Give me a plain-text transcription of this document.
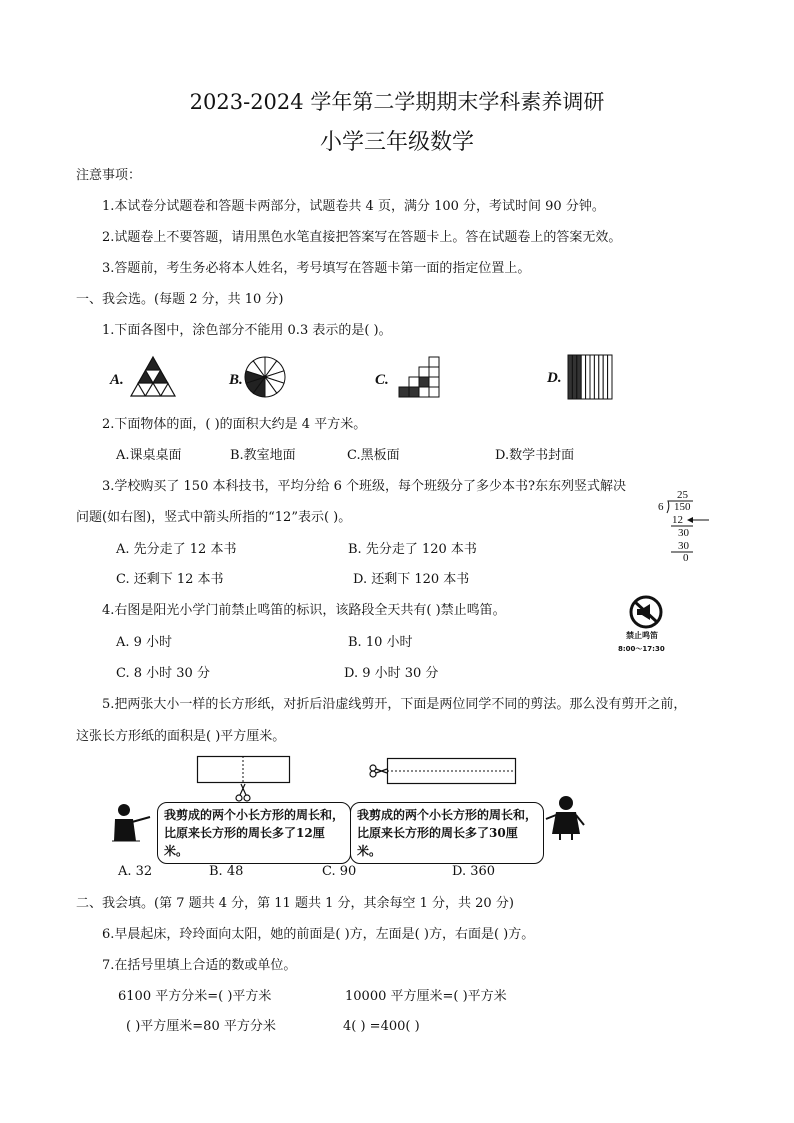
2023-2024 学年第二学期期末学科素养调研
小学三年级数学
注意事项：
1.本试卷分试题卷和答题卡两部分，试题卷共 4 页，满分 100 分，考试时间 90 分钟。
2.试题卷上不要答题，请用黑色水笔直接把答案写在答题卡上。答在试题卷上的答案无效。
3.答题前，考生务必将本人姓名，考号填写在答题卡第一面的指定位置上。
一、我会选。(每题 2 分，共 10 分)
1.下面各图中，涂色部分不能用 0.3 表示的是( )。
A.	B.	C.	D.
2.下面物体的面，( )的面积大约是 4 平方米。
A.课桌桌面	B.教室地面	C.黑板面	D.数学书封面
3.学校购买了 150 本科技书，平均分给 6 个班级，每个班级分了多少本书?东东列竖式解决
问题(如右图)，竖式中箭头所指的“12”表示( )。
A. 先分走了 12 本书	B. 先分走了 120 本书
C. 还剩下 12 本书	D. 还剩下 120 本书
25
6 150
12
30
30
0
4.右图是阳光小学门前禁止鸣笛的标识，该路段全天共有( )禁止鸣笛。
A. 9 小时	B. 10 小时
C. 8 小时 30 分	D. 9 小时 30 分
禁止鸣笛
8:00～17:30
5.把两张大小一样的长方形纸，对折后沿虚线剪开，下面是两位同学不同的剪法。那么没有剪开之前，
这张长方形纸的面积是( )平方厘米。
我剪成的两个小长方形的周长和，比原来长方形的周长多了12厘米。
我剪成的两个小长方形的周长和，比原来长方形的周长多了30厘米。
A. 32	B. 48	C. 90	D. 360
二、我会填。(第 7 题共 4 分，第 11 题共 1 分，其余每空 1 分，共 20 分)
6.早晨起床，玲玲面向太阳，她的前面是( )方，左面是( )方，右面是( )方。
7.在括号里填上合适的数或单位。
6100 平方分米=( )平方米	10000 平方厘米=( )平方米
( )平方厘米=80 平方分米	4( ) =400( )
